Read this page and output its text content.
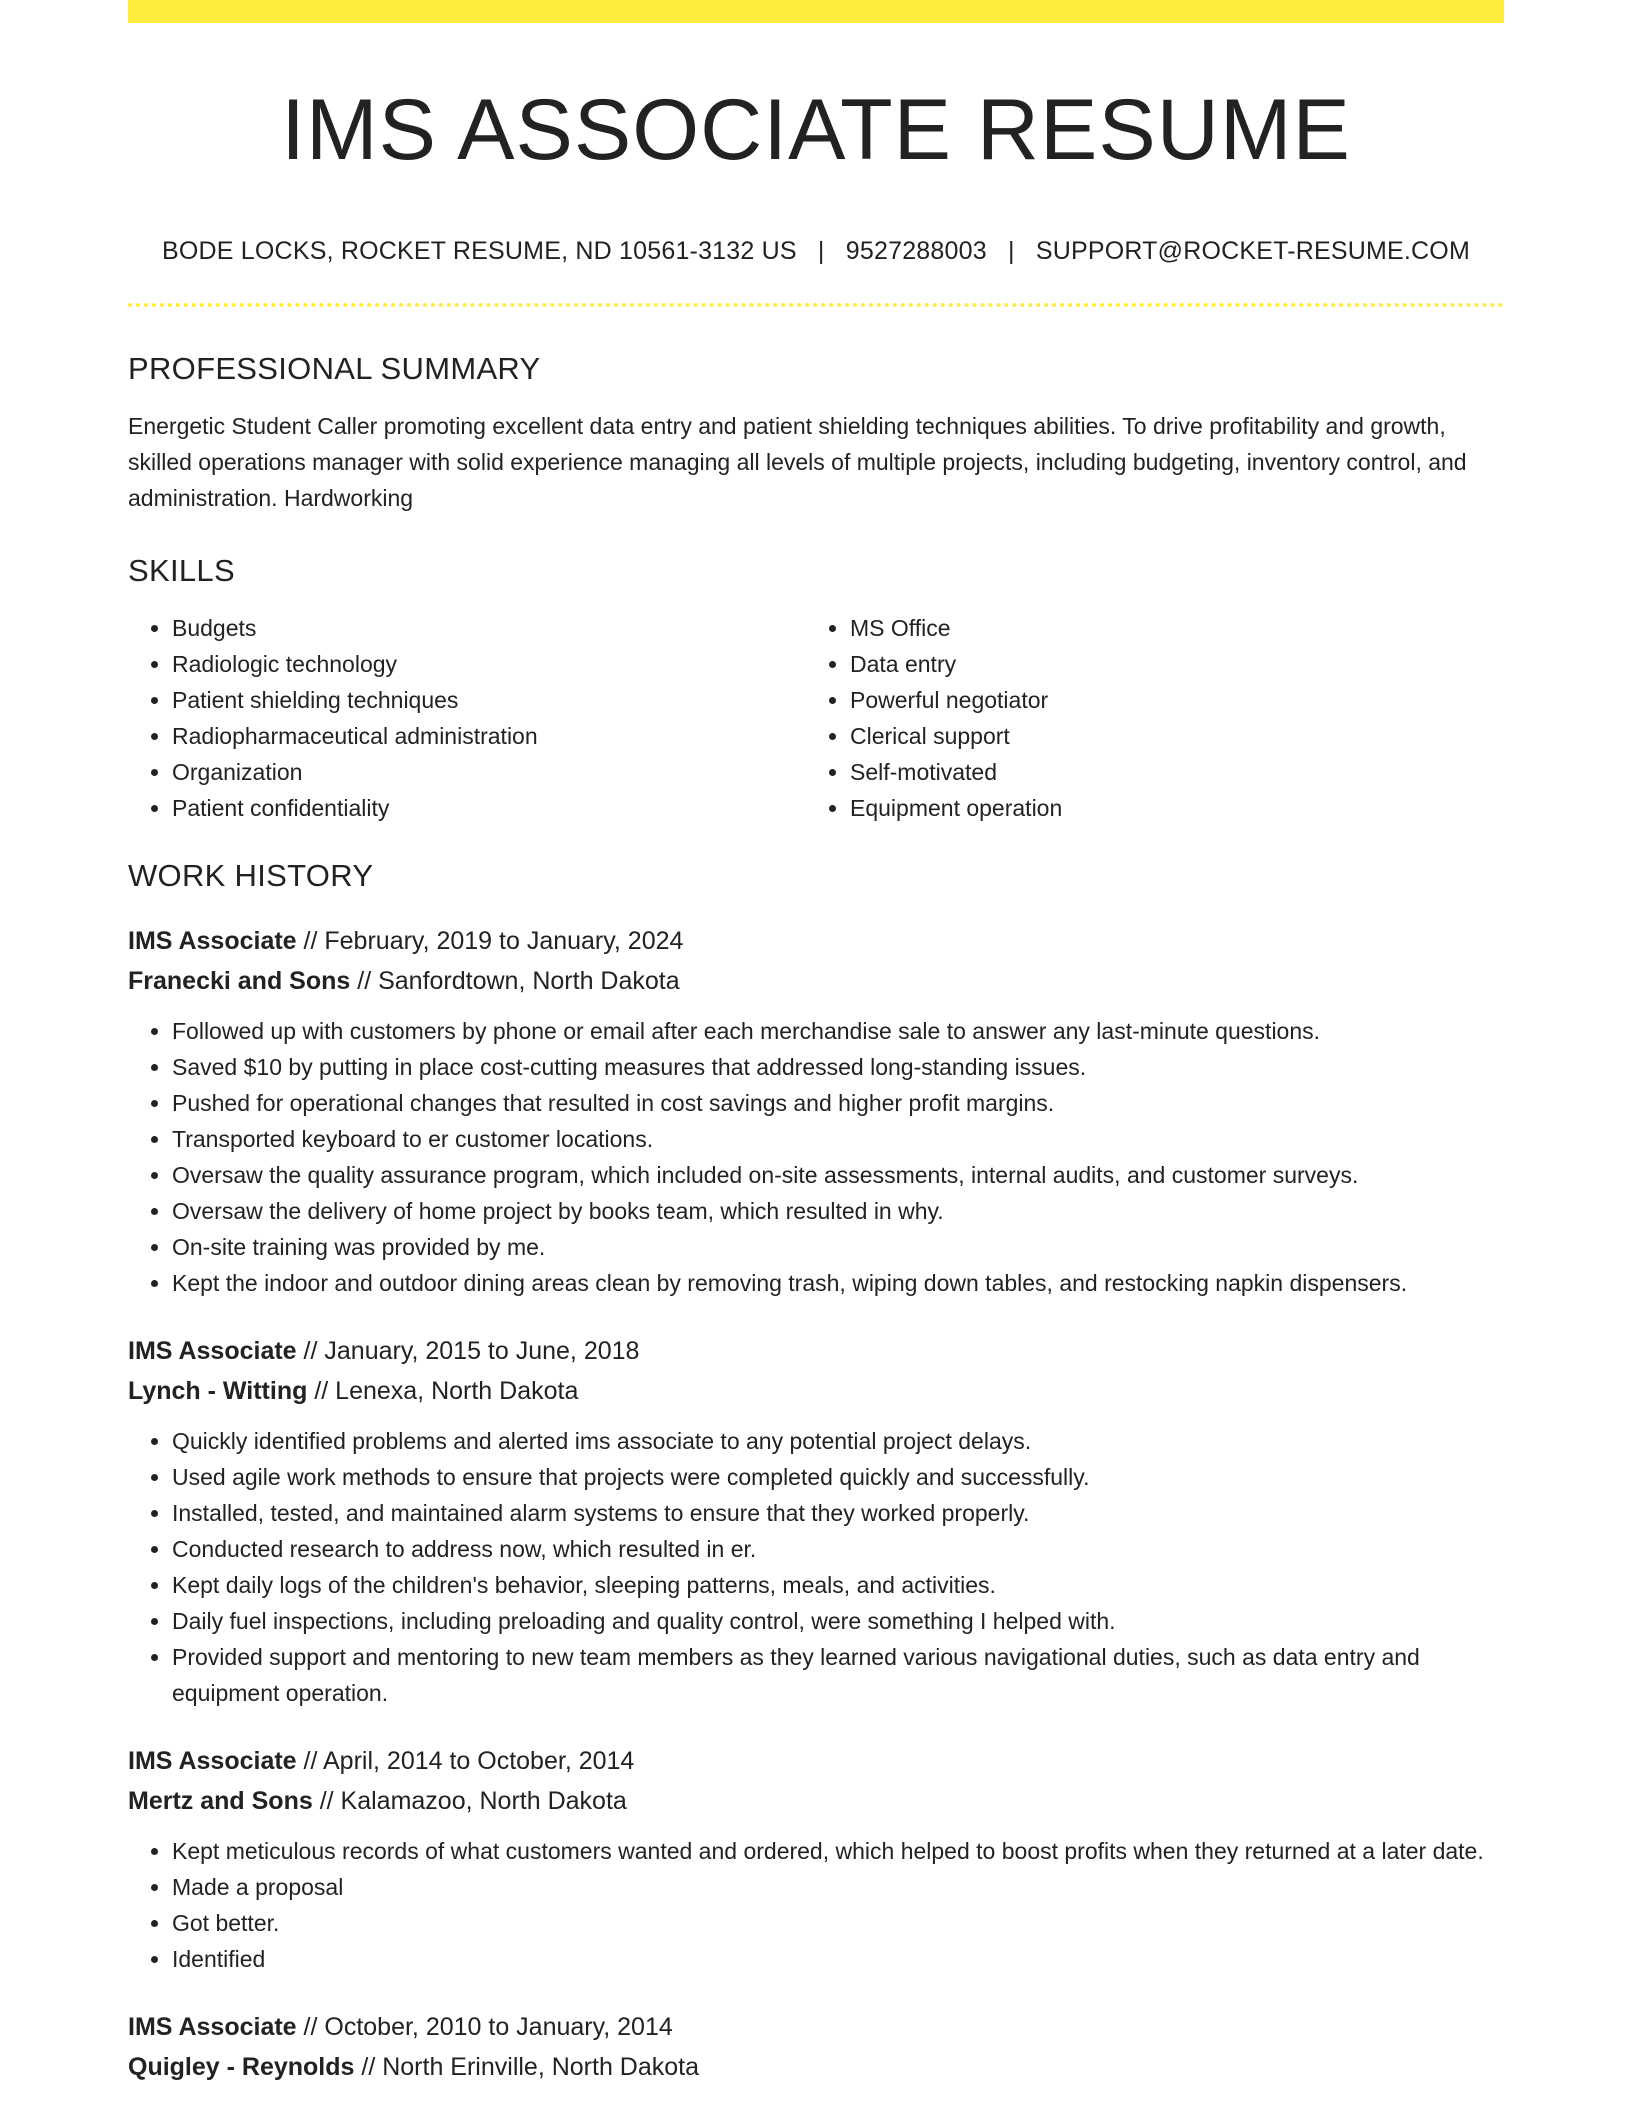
IMS ASSOCIATE RESUME
BODE LOCKS, ROCKET RESUME, ND 10561-3132 US | 9527288003 | SUPPORT@ROCKET-RESUME.COM
PROFESSIONAL SUMMARY

Energetic Student Caller promoting excellent data entry and patient shielding techniques abilities. To drive profitability and growth, skilled operations manager with solid experience managing all levels of multiple projects, including budgeting, inventory control, and administration. Hardworking

SKILLS
• Budgets
• Radiologic technology
• Patient shielding techniques
• Radiopharmaceutical administration
• Organization
• Patient confidentiality
• MS Office
• Data entry
• Powerful negotiator
• Clerical support
• Self-motivated
• Equipment operation
WORK HISTORY
IMS Associate // February, 2019 to January, 2024
Franecki and Sons // Sanfordtown, North Dakota
• Followed up with customers by phone or email after each merchandise sale to answer any last-minute questions.
• Saved $10 by putting in place cost-cutting measures that addressed long-standing issues.
• Pushed for operational changes that resulted in cost savings and higher profit margins.
• Transported keyboard to er customer locations.
• Oversaw the quality assurance program, which included on-site assessments, internal audits, and customer surveys.
• Oversaw the delivery of home project by books team, which resulted in why.
• On-site training was provided by me.
• Kept the indoor and outdoor dining areas clean by removing trash, wiping down tables, and restocking napkin dispensers.
IMS Associate // January, 2015 to June, 2018
Lynch - Witting // Lenexa, North Dakota
• Quickly identified problems and alerted ims associate to any potential project delays.
• Used agile work methods to ensure that projects were completed quickly and successfully.
• Installed, tested, and maintained alarm systems to ensure that they worked properly.
• Conducted research to address now, which resulted in er.
• Kept daily logs of the children's behavior, sleeping patterns, meals, and activities.
• Daily fuel inspections, including preloading and quality control, were something I helped with.
• Provided support and mentoring to new team members as they learned various navigational duties, such as data entry and equipment operation.
IMS Associate // April, 2014 to October, 2014
Mertz and Sons // Kalamazoo, North Dakota
• Kept meticulous records of what customers wanted and ordered, which helped to boost profits when they returned at a later date.
• Made a proposal
• Got better.
• Identified
IMS Associate // October, 2010 to January, 2014
Quigley - Reynolds // North Erinville, North Dakota
